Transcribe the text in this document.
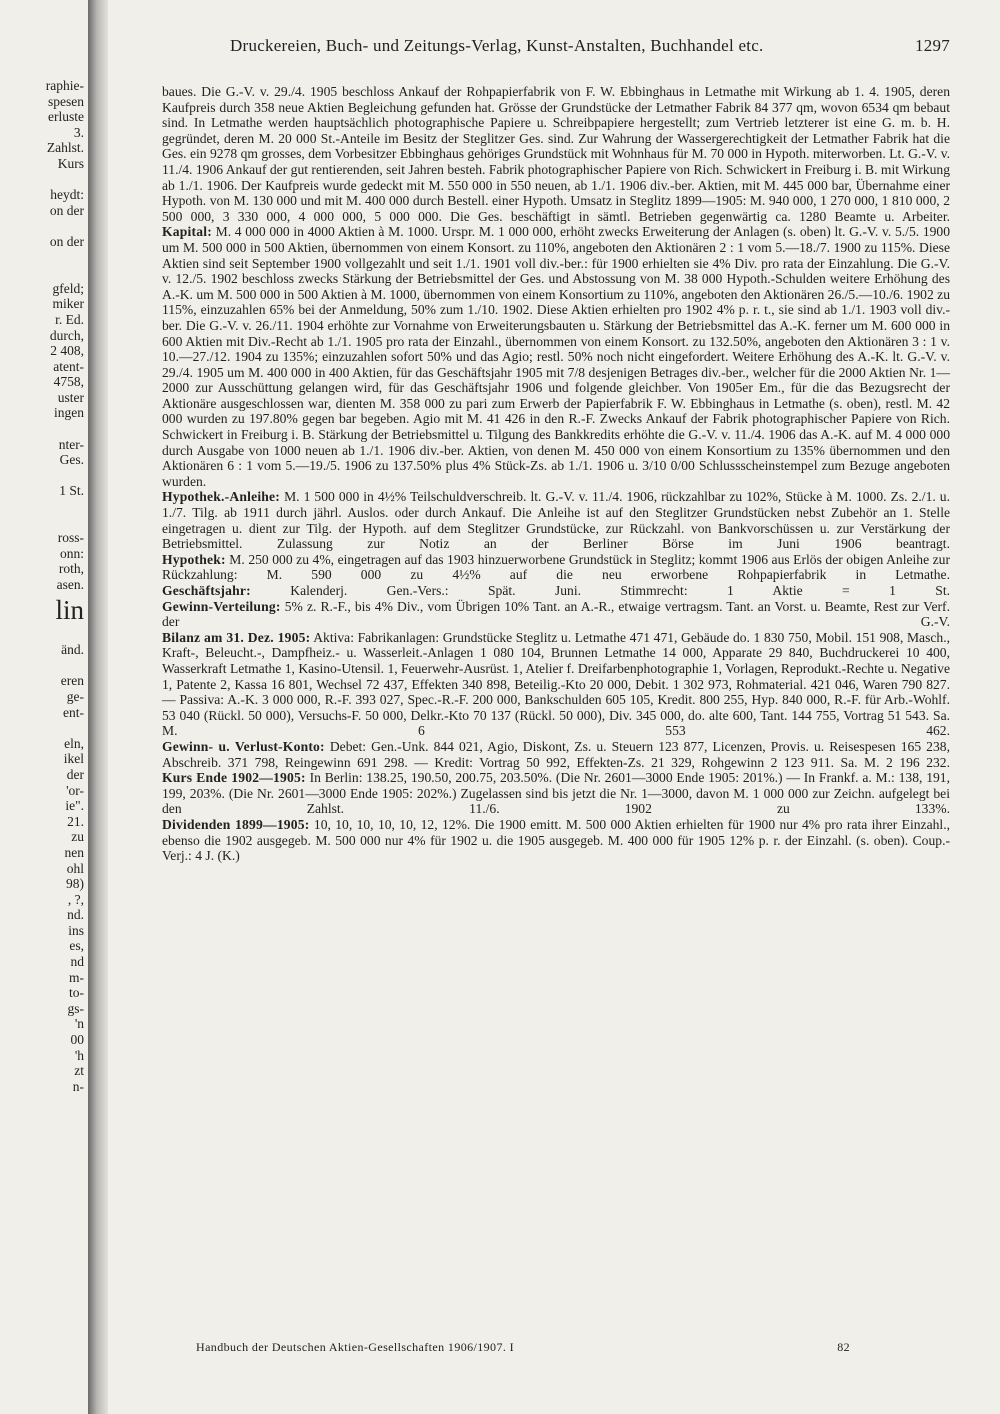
raphie-
spesen
erluste
3.
Zahlst.
Kurs
heydt:
on der
on der
gfeld;
miker
r. Ed.
durch,
2 408,
atent-
4758,
uster
ingen
nter-
Ges.
1 St.
ross-
onn:
roth,
asen.
lin
änd.
eren
ge-
ent-
eln,
ikel
der
'or-
ie".
21.
zu
nen
ohl
98)
, ?,
nd.
ins
es,
nd
m-
to-
gs-
'n
00
'h
zt
n-
Druckereien, Buch- und Zeitungs-Verlag, Kunst-Anstalten, Buchhandel etc.	1297

baues. Die G.-V. v. 29./4. 1905 beschloss Ankauf der Rohpapierfabrik von F. W. Ebbinghaus in Letmathe mit Wirkung ab 1. 4. 1905, deren Kaufpreis durch 358 neue Aktien Begleichung gefunden hat. Grösse der Grundstücke der Letmather Fabrik 84 377 qm, wovon 6534 qm bebaut sind. In Letmathe werden hauptsächlich photographische Papiere u. Schreibpapiere hergestellt; zum Vertrieb letzterer ist eine G. m. b. H. gegründet, deren M. 20 000 St.-Anteile im Besitz der Steglitzer Ges. sind. Zur Wahrung der Wassergerechtigkeit der Letmather Fabrik hat die Ges. ein 9278 qm grosses, dem Vorbesitzer Ebbinghaus gehöriges Grundstück mit Wohnhaus für M. 70 000 in Hypoth. miterworben. Lt. G.-V. v. 11./4. 1906 Ankauf der gut rentierenden, seit Jahren besteh. Fabrik photographischer Papiere von Rich. Schwickert in Freiburg i. B. mit Wirkung ab 1./1. 1906. Der Kaufpreis wurde gedeckt mit M. 550 000 in 550 neuen, ab 1./1. 1906 div.-ber. Aktien, mit M. 445 000 bar, Übernahme einer Hypoth. von M. 130 000 und mit M. 400 000 durch Bestell. einer Hypoth. Umsatz in Steglitz 1899—1905: M. 940 000, 1 270 000, 1 810 000, 2 500 000, 3 330 000, 4 000 000, 5 000 000. Die Ges. beschäftigt in sämtl. Betrieben gegenwärtig ca. 1280 Beamte u. Arbeiter.

Kapital: M. 4 000 000 in 4000 Aktien à M. 1000. Urspr. M. 1 000 000, erhöht zwecks Erweiterung der Anlagen (s. oben) lt. G.-V. v. 5./5. 1900 um M. 500 000 in 500 Aktien, übernommen von einem Konsort. zu 110%, angeboten den Aktionären 2 : 1 vom 5.—18./7. 1900 zu 115%. Diese Aktien sind seit September 1900 vollgezahlt und seit 1./1. 1901 voll div.-ber.: für 1900 erhielten sie 4% Div. pro rata der Einzahlung. Die G.-V. v. 12./5. 1902 beschloss zwecks Stärkung der Betriebsmittel der Ges. und Abstossung von M. 38 000 Hypoth.-Schulden weitere Erhöhung des A.-K. um M. 500 000 in 500 Aktien à M. 1000, übernommen von einem Konsortium zu 110%, angeboten den Aktionären 26./5.—10./6. 1902 zu 115%, einzuzahlen 65% bei der Anmeldung, 50% zum 1./10. 1902. Diese Aktien erhielten pro 1902 4% p. r. t., sie sind ab 1./1. 1903 voll div.-ber. Die G.-V. v. 26./11. 1904 erhöhte zur Vornahme von Erweiterungsbauten u. Stärkung der Betriebsmittel das A.-K. ferner um M. 600 000 in 600 Aktien mit Div.-Recht ab 1./1. 1905 pro rata der Einzahl., übernommen von einem Konsort. zu 132.50%, angeboten den Aktionären 3 : 1 v. 10.—27./12. 1904 zu 135%; einzuzahlen sofort 50% und das Agio; restl. 50% noch nicht eingefordert. Weitere Erhöhung des A.-K. lt. G.-V. v. 29./4. 1905 um M. 400 000 in 400 Aktien, für das Geschäftsjahr 1905 mit 7/8 desjenigen Betrages div.-ber., welcher für die 2000 Aktien Nr. 1—2000 zur Ausschüttung gelangen wird, für das Geschäftsjahr 1906 und folgende gleichber. Von 1905er Em., für die das Bezugsrecht der Aktionäre ausgeschlossen war, dienten M. 358 000 zu pari zum Erwerb der Papierfabrik F. W. Ebbinghaus in Letmathe (s. oben), restl. M. 42 000 wurden zu 197.80% gegen bar begeben. Agio mit M. 41 426 in den R.-F. Zwecks Ankauf der Fabrik photographischer Papiere von Rich. Schwickert in Freiburg i. B. Stärkung der Betriebsmittel u. Tilgung des Bankkredits erhöhte die G.-V. v. 11./4. 1906 das A.-K. auf M. 4 000 000 durch Ausgabe von 1000 neuen ab 1./1. 1906 div.-ber. Aktien, von denen M. 450 000 von einem Konsortium zu 135% übernommen und den Aktionären 6 : 1 vom 5.—19./5. 1906 zu 137.50% plus 4% Stück-Zs. ab 1./1. 1906 u. 3/10 0/00 Schlussscheinstempel zum Bezuge angeboten wurden.

Hypothek.-Anleihe: M. 1 500 000 in 4½% Teilschuldverschreib. lt. G.-V. v. 11./4. 1906, rückzahlbar zu 102%, Stücke à M. 1000. Zs. 2./1. u. 1./7. Tilg. ab 1911 durch jährl. Auslos. oder durch Ankauf. Die Anleihe ist auf den Steglitzer Grundstücken nebst Zubehör an 1. Stelle eingetragen u. dient zur Tilg. der Hypoth. auf dem Steglitzer Grundstücke, zur Rückzahl. von Bankvorschüssen u. zur Verstärkung der Betriebsmittel. Zulassung zur Notiz an der Berliner Börse im Juni 1906 beantragt.

Hypothek: M. 250 000 zu 4%, eingetragen auf das 1903 hinzuerworbene Grundstück in Steglitz; kommt 1906 aus Erlös der obigen Anleihe zur Rückzahlung: M. 590 000 zu 4½% auf die neu erworbene Rohpapierfabrik in Letmathe.

Geschäftsjahr:	Kalenderj. Gen.-Vers.: Spät. Juni. Stimmrecht: 1 Aktie = 1 St.

Gewinn-Verteilung: 5% z. R.-F., bis 4% Div., vom Übrigen 10% Tant. an A.-R., etwaige vertragsm. Tant. an Vorst. u. Beamte, Rest zur Verf. der G.-V.

Bilanz am 31. Dez. 1905: Aktiva: Fabrikanlagen: Grundstücke Steglitz u. Letmathe 471 471, Gebäude do. 1 830 750, Mobil. 151 908, Masch., Kraft-, Beleucht.-, Dampfheiz.- u. Wasserleit.-Anlagen 1 080 104, Brunnen Letmathe 14 000, Apparate 29 840, Buchdruckerei 10 400, Wasserkraft Letmathe 1, Kasino-Utensil. 1, Feuerwehr-Ausrüst. 1, Atelier f. Dreifarbenphotographie 1, Vorlagen, Reprodukt.-Rechte u. Negative 1, Patente 2, Kassa 16 801, Wechsel 72 437, Effekten 340 898, Beteilig.-Kto 20 000, Debit. 1 302 973, Rohmaterial. 421 046, Waren 790 827. — Passiva: A.-K. 3 000 000, R.-F. 393 027, Spec.-R.-F. 200 000, Bankschulden 605 105, Kredit. 800 255, Hyp. 840 000, R.-F. für Arb.-Wohlf. 53 040 (Rückl. 50 000), Versuchs-F. 50 000, Delkr.-Kto 70 137 (Rückl. 50 000), Div. 345 000, do. alte 600, Tant. 144 755, Vortrag 51 543. Sa. M. 6 553 462.

Gewinn- u. Verlust-Konto: Debet: Gen.-Unk. 844 021, Agio, Diskont, Zs. u. Steuern 123 877, Licenzen, Provis. u. Reisespesen 165 238, Abschreib. 371 798, Reingewinn 691 298. — Kredit: Vortrag 50 992, Effekten-Zs. 21 329, Rohgewinn 2 123 911. Sa. M. 2 196 232.

Kurs Ende 1902—1905: In Berlin: 138.25, 190.50, 200.75, 203.50%. (Die Nr. 2601—3000 Ende 1905: 201%.) — In Frankf. a. M.: 138, 191, 199, 203%. (Die Nr. 2601—3000 Ende 1905: 202%.) Zugelassen sind bis jetzt die Nr. 1—3000, davon M. 1 000 000 zur Zeichn. aufgelegt bei den Zahlst. 11./6. 1902 zu 133%.

Dividenden 1899—1905: 10, 10, 10, 10, 10, 12, 12%. Die 1900 emitt. M. 500 000 Aktien erhielten für 1900 nur 4% pro rata ihrer Einzahl., ebenso die 1902 ausgegeb. M. 500 000 nur 4% für 1902 u. die 1905 ausgegeb. M. 400 000 für 1905 12% p. r. der Einzahl. (s. oben). Coup.-Verj.: 4 J. (K.)

Handbuch der Deutschen Aktien-Gesellschaften 1906/1907. I	82
